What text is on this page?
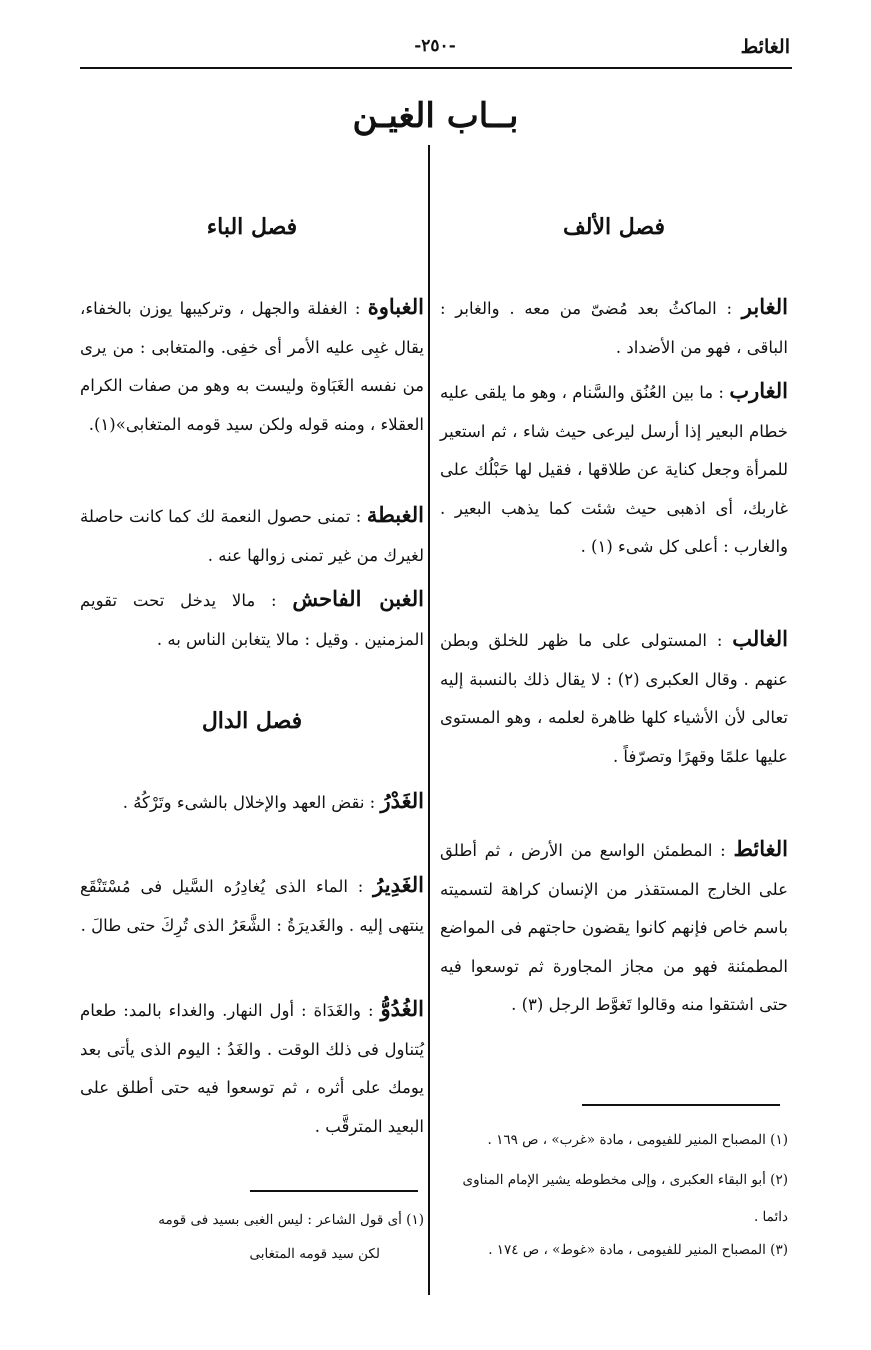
الغائط
-٢٥٠-
بــاب الغيـن
فصل الألف
الغابر : الماكثُ بعد مُضىّ من معه . والغابر : الباقى ، فهو من الأضداد .
الغارب : ما بين العُنُق والسَّنام ، وهو ما يلقى عليه خطام البعير إذا أرسل ليرعى حيث شاء ، ثم استعير للمرأة وجعل كناية عن طلاقها ، فقيل لها حَبْلُك على غاربك، أى اذهبى حيث شئت كما يذهب البعير . والغارب : أعلى كل شىء (١) .
الغالب : المستولى على ما ظهر للخلق وبطن عنهم . وقال العكبرى (٢) : لا يقال ذلك بالنسبة إليه تعالى لأن الأشياء كلها ظاهرة لعلمه ، وهو المستوى عليها علمًا وقهرًا وتصرّفاً .
الغائط : المطمئن الواسع من الأرض ، ثم أطلق على الخارج المستقذر من الإنسان كراهة لتسميته باسم خاص فإنهم كانوا يقضون حاجتهم فى المواضع المطمئنة فهو من مجاز المجاورة ثم توسعوا فيه حتى اشتقوا منه وقالوا تَغوَّط الرجل (٣) .
(١) المصباح المنير للفيومى ، مادة «غرب» ، ص ١٦٩ .
(٢) أبو البقاء العكبرى ، وإلى مخطوطه يشير الإمام المناوى دائما .
(٣) المصباح المنير للفيومى ، مادة «غوط» ، ص ١٧٤ .
فصل الباء
الغباوة : الغفلة والجهل ، وتركيبها يوزن بالخفاء، يقال غبِى عليه الأمر أى خفِى. والمتغابى : من يرى من نفسه الغَبَاوة وليست به وهو من صفات الكرام العقلاء ، ومنه قوله ولكن سيد قومه المتغابى»(١).
الغبطة : تمنى حصول النعمة لك كما كانت حاصلة لغيرك من غير تمنى زوالها عنه .
الغبن الفاحش : مالا يدخل تحت تقويم المزمنين . وقيل : مالا يتغابن الناس به .
فصل الدال
الغَدْرُ : نقض العهد والإخلال بالشىء وتَرْكُهُ .
الغَدِيرُ : الماء الذى يُغادِرُه السَّيل فى مُسْتَنْقَع ينتهى إليه . والغَديرَةُ : الشَّعَرُ الذى تُرِكَ حتى طالَ .
الغُدُوُّ : والغَدَاة : أول النهار. والغداء بالمد: طعام يُتناول فى ذلك الوقت . والغَدُ : اليوم الذى يأتى بعد يومك على أثره ، ثم توسعوا فيه حتى أطلق على البعيد المترقَّب .
(١) أى قول الشاعر : ليس الغبى بسيد فى قومه
لكن سيد قومه المتغابى
